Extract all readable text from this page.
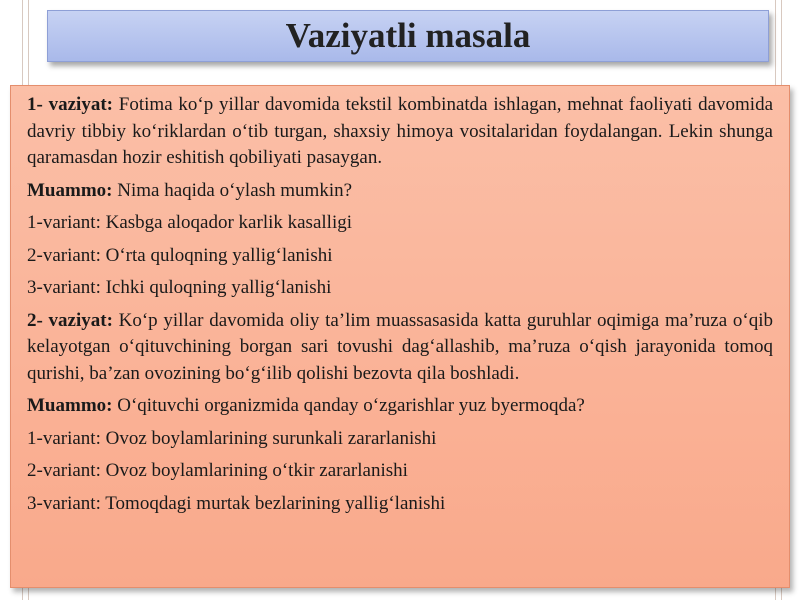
Vaziyatli masala

1- vaziyat: Fotima ko‘p yillar davomida tekstil kombinatda ishlagan, mehnat faoliyati davomida davriy tibbiy ko‘riklardan o‘tib turgan, shaxsiy himoya vositalaridan foydalangan. Lekin shunga qaramasdan hozir eshitish qobiliyati pasaygan.

Muammo: Nima haqida o‘ylash mumkin?

1-variant: Kasbga aloqador karlik kasalligi

2-variant: O‘rta quloqning yallig‘lanishi

3-variant: Ichki quloqning yallig‘lanishi

2- vaziyat: Ko‘p yillar davomida oliy ta’lim muassasasida katta guruhlar oqimiga ma’ruza o‘qib kelayotgan o‘qituvchining borgan sari tovushi dag‘allashib, ma’ruza o‘qish jarayonida tomoq qurishi, ba’zan ovozining bo‘g‘ilib qolishi bezovta qila boshladi.

Muammo: O‘qituvchi organizmida qanday o‘zgarishlar yuz byermoqda?

1-variant: Ovoz boylamlarining surunkali zararlanishi

2-variant: Ovoz boylamlarining o‘tkir zararlanishi

3-variant: Tomoqdagi murtak bezlarining yallig‘lanishi
